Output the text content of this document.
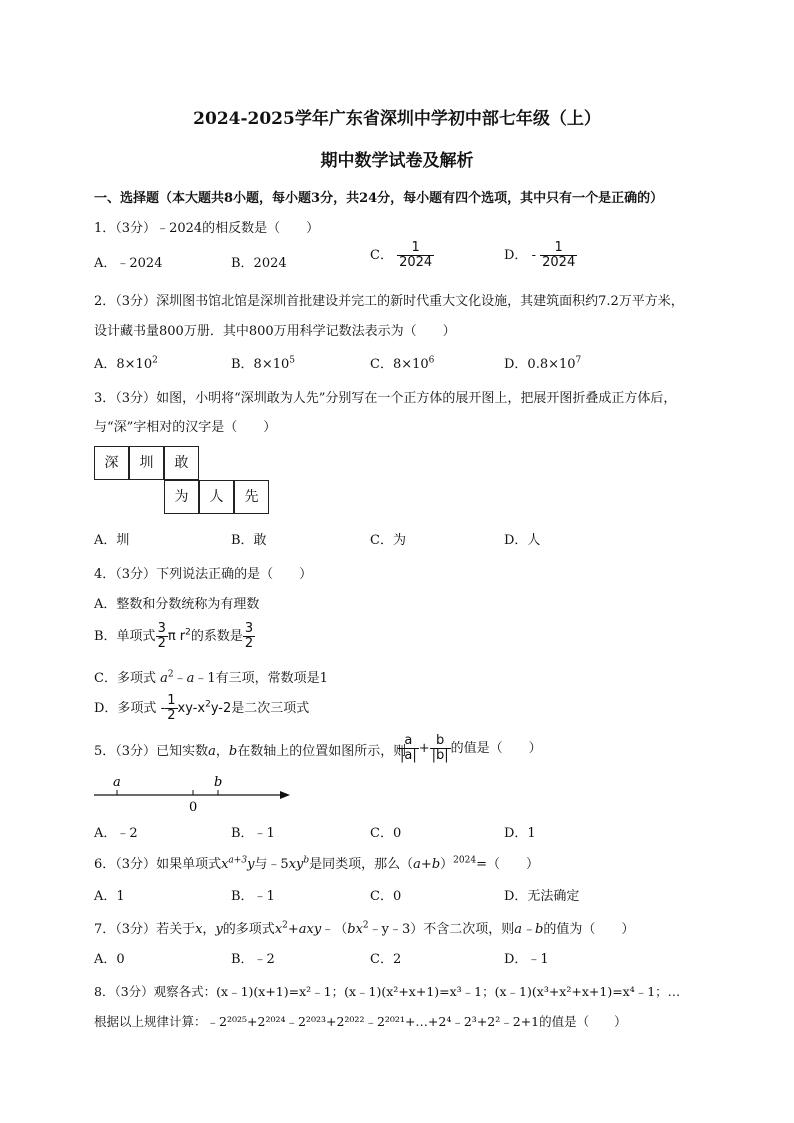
2024-2025学年广东省深圳中学初中部七年级（上）
期中数学试卷及解析
一、选择题（本大题共8小题，每小题3分，共24分，每小题有四个选项，其中只有一个是正确的）
1．（3分）﹣2024的相反数是（　　）
A．﹣2024	B．2024
C． $\frac{1}{2024}$	D． - $\frac{1}{2024}$
2．（3分）深圳图书馆北馆是深圳首批建设并完工的新时代重大文化设施，其建筑面积约7.2万平方米，
设计藏书量800万册．其中800万用科学记数法表示为（　　）
A．$8\times 10^2$	B．$8\times 10^5$	C．$8\times 10^6$	D．$0.8\times 10^7$
3．（3分）如图，小明将“深圳敢为人先”分别写在一个正方体的展开图上，把展开图折叠成正方体后，
与“深”字相对的汉字是（　　）
深	圳	敢
为	人	先
A．圳	B．敢	C．为	D．人
4．（3分）下列说法正确的是（　　）
A．整数和分数统称为有理数
B．单项式 $\frac{3}{2}$ π $r^2$的系数是 $\frac{3}{2}$
C．多项式 $a^2﹣a﹣1$有三项，常数项是1
D．多项式 - $\frac{1}{2} xy-x^2y-2$是二次三项式
5．（3分）已知实数a，b在数轴上的位置如图所示，则
$\frac{a}{|a|} + \frac{b}{|b|}$ 的值是（　　）
a	b
0
A．﹣2	B．﹣1	C．0	D．1
6．（3分）如果单项式$x^{a+3}y$与$﹣5xy^b$是同类项，那么$(a+b)^{2024}=$（　　）
A．1	B．﹣1	C．0	D．无法确定
7．（3分）若关于x，y的多项式$x^2+axy﹣(bx^2﹣y﹣3)$不含二次项，则a﹣b的值为（　　）
A．0	B．﹣2	C．2	D．﹣1
8．（3分）观察各式：(x﹣1)(x+1)=x²﹣1；(x﹣1)(x²+x+1)=x³﹣1；(x﹣1)(x³+x²+x+1)=x⁴﹣1；…
根据以上规律计算：﹣2²⁰²⁵+2²⁰²⁴﹣2²⁰²³+2²⁰²²﹣2²⁰²¹+…+2⁴﹣2³+2²﹣2+1的值是（　　）
